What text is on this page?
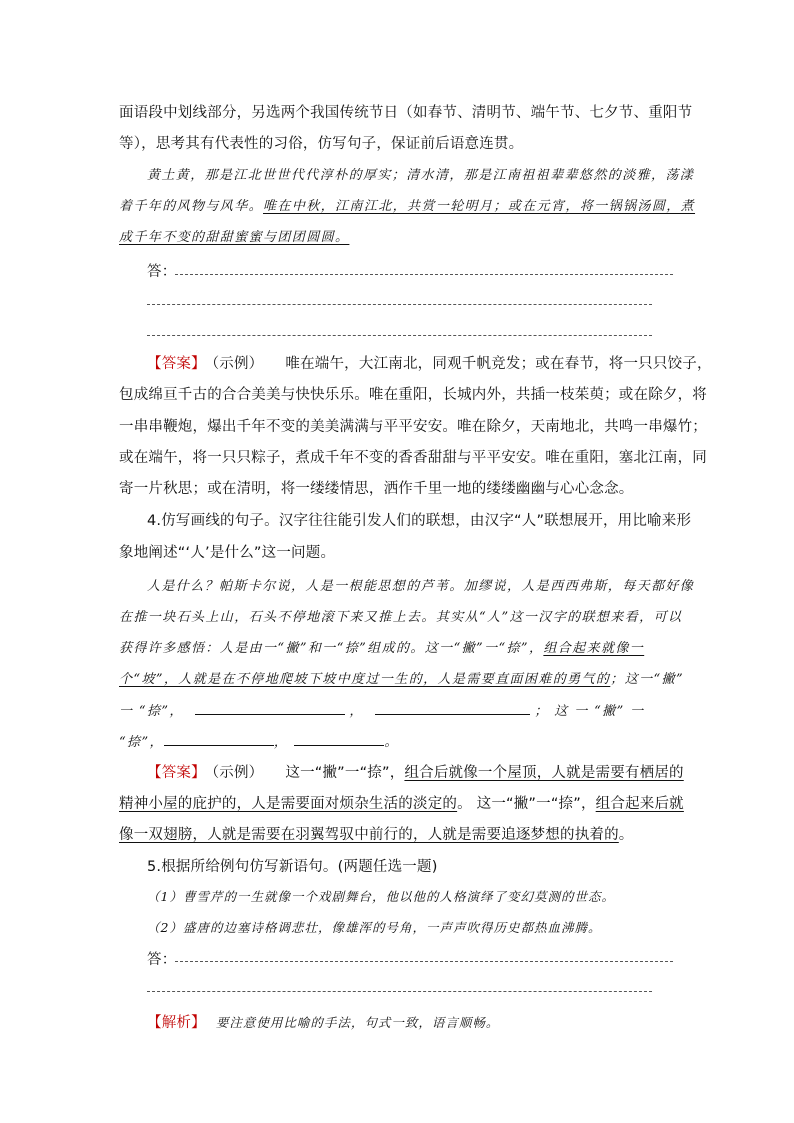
面语段中划线部分，另选两个我国传统节日（如春节、清明节、端午节、七夕节、重阳节
等），思考其有代表性的习俗，仿写句子，保证前后语意连贯。
黄土黄，那是江北世世代代淳朴的厚实；清水清，那是江南祖祖辈辈悠然的淡雅，荡漾
着千年的风物与风华。唯在中秋，江南江北，共赏一轮明月；或在元宵，将一锅锅汤圆，煮
成千年不变的甜甜蜜蜜与团团圆圆。
答：
【答案】 （示例） 唯在端午，大江南北，同观千帆竞发；或在春节，将一只只饺子，
包成绵亘千古的合合美美与快快乐乐。唯在重阳，长城内外，共插一枝茱萸；或在除夕，将
一串串鞭炮，爆出千年不变的美美满满与平平安安。唯在除夕，天南地北，共鸣一串爆竹；
或在端午，将一只只粽子，煮成千年不变的香香甜甜与平平安安。唯在重阳，塞北江南，同
寄一片秋思；或在清明，将一缕缕情思，洒作千里一地的缕缕幽幽与心心念念。
4.仿写画线的句子。汉字往往能引发人们的联想，由汉字“人”联想展开，用比喻来形
象地阐述“‘人’是什么”这一问题。
人是什么？帕斯卡尔说，人是一根能思想的芦苇。加缪说，人是西西弗斯，每天都好像
在推一块石头上山，石头不停地滚下来又推上去。其实从“人”这一汉字的联想来看，可以
获得许多感悟：人是由一“撇”和一“捺”组成的。这一“撇”一“捺”，组合起来就像一
个“坡”，人就是在不停地爬坡下坡中度过一生的，人是需要直面困难的勇气的；这一“撇”
一 “捺”，	，	； 这 一 “撇” 一
“捺”，	，	。
【答案】 （示例） 这一“撇”一“捺”，组合后就像一个屋顶，人就是需要有栖居的
精神小屋的庇护的，人是需要面对烦杂生活的淡定的。 这一“撇”一“捺”，组合起来后就
像一双翅膀，人就是需要在羽翼驾驭中前行的，人就是需要追逐梦想的执着的。
5.根据所给例句仿写新语句。(两题任选一题)
（1）曹雪芹的一生就像一个戏剧舞台，他以他的人格演绎了变幻莫测的世态。
（2）盛唐的边塞诗格调悲壮，像雄浑的号角，一声声吹得历史都热血沸腾。
答：
【解析】 要注意使用比喻的手法，句式一致，语言顺畅。
